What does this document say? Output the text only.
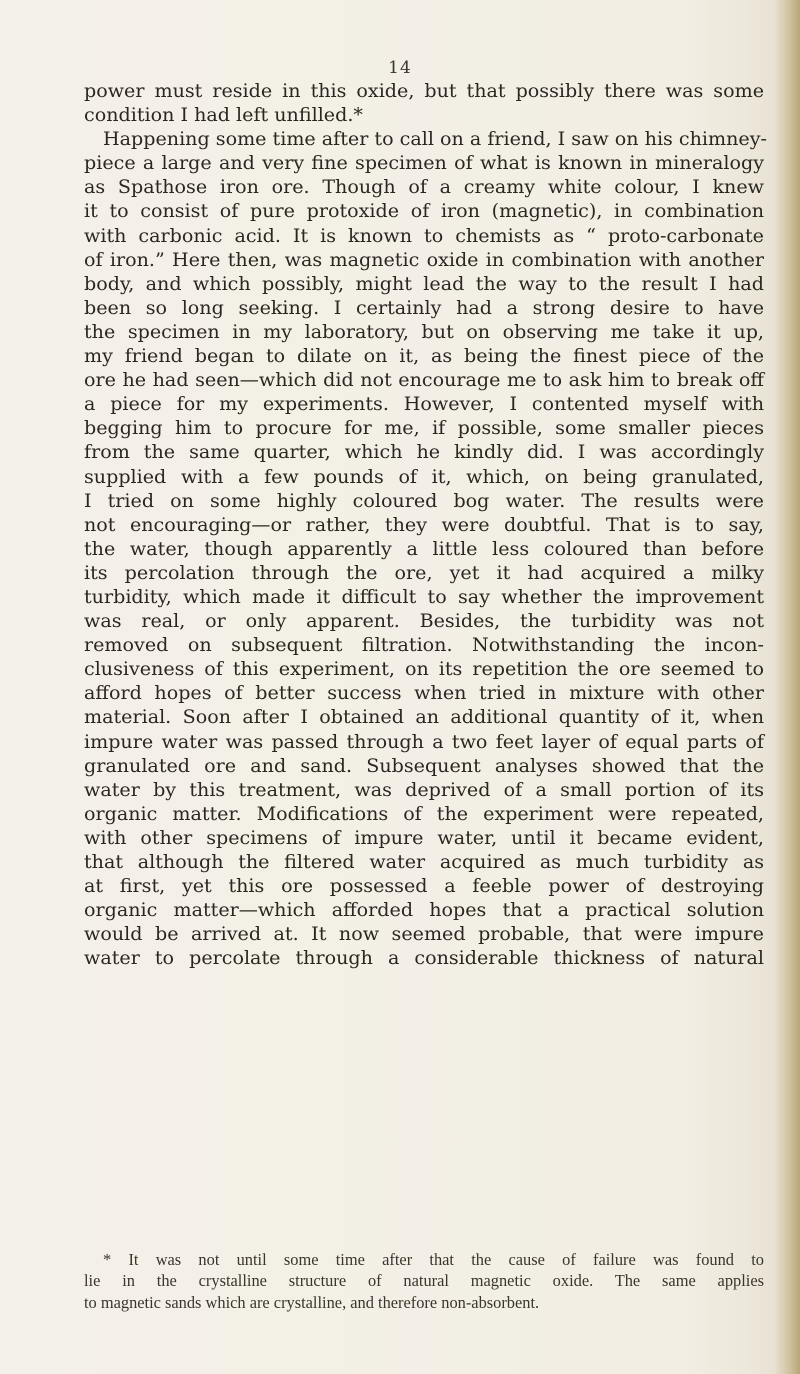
14
power must reside in this oxide, but that possibly there was some
condition I had left unfilled.*
Happening some time after to call on a friend, I saw on his chimney-
piece a large and very fine specimen of what is known in mineralogy
as Spathose iron ore. Though of a creamy white colour, I knew
it to consist of pure protoxide of iron (magnetic), in combination
with carbonic acid. It is known to chemists as “ proto-carbonate
of iron.” Here then, was magnetic oxide in combination with another
body, and which possibly, might lead the way to the result I had
been so long seeking. I certainly had a strong desire to have
the specimen in my laboratory, but on observing me take it up,
my friend began to dilate on it, as being the finest piece of the
ore he had seen—which did not encourage me to ask him to break off
a piece for my experiments. However, I contented myself with
begging him to procure for me, if possible, some smaller pieces
from the same quarter, which he kindly did. I was accordingly
supplied with a few pounds of it, which, on being granulated,
I tried on some highly coloured bog water. The results were
not encouraging—or rather, they were doubtful. That is to say,
the water, though apparently a little less coloured than before
its percolation through the ore, yet it had acquired a milky
turbidity, which made it difficult to say whether the improvement
was real, or only apparent. Besides, the turbidity was not
removed on subsequent filtration. Notwithstanding the incon-
clusiveness of this experiment, on its repetition the ore seemed to
afford hopes of better success when tried in mixture with other
material. Soon after I obtained an additional quantity of it, when
impure water was passed through a two feet layer of equal parts of
granulated ore and sand. Subsequent analyses showed that the
water by this treatment, was deprived of a small portion of its
organic matter. Modifications of the experiment were repeated,
with other specimens of impure water, until it became evident,
that although the filtered water acquired as much turbidity as
at first, yet this ore possessed a feeble power of destroying
organic matter—which afforded hopes that a practical solution
would be arrived at. It now seemed probable, that were impure
water to percolate through a considerable thickness of natural
* It was not until some time after that the cause of failure was found to
lie in the crystalline structure of natural magnetic oxide. The same applies
to magnetic sands which are crystalline, and therefore non-absorbent.
